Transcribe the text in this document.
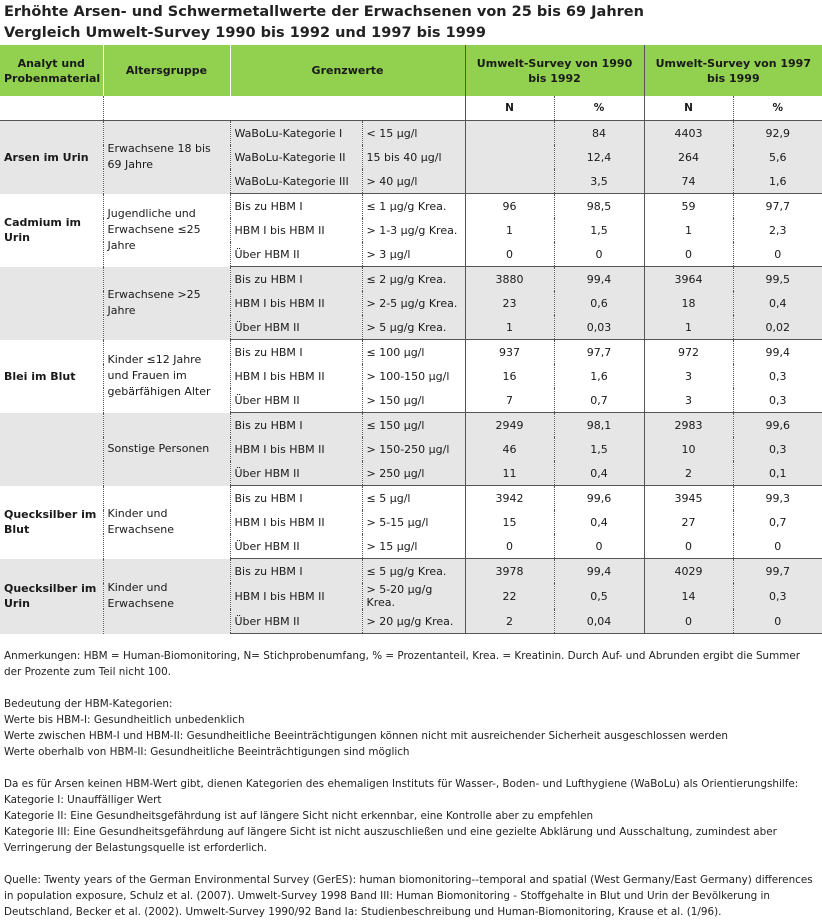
Erhöhte Arsen- und Schwermetallwerte der Erwachsenen von 25 bis 69 Jahren
Vergleich Umwelt-Survey 1990 bis 1992 und 1997 bis 1999
Analyt und Probenmaterial	Altersgruppe	Grenzwerte		Umwelt-Survey von 1990 bis 1992		Umwelt-Survey von 1997 bis 1999	
				N	%	N	%
Arsen im Urin	Erwachsene 18 bis 69 Jahre	WaBoLu-Kategorie I	< 15 µg/l		84	4403	92,9
		WaBoLu-Kategorie II	15 bis 40 µg/l		12,4	264	5,6
		WaBoLu-Kategorie III	> 40 µg/l		3,5	74	1,6
Cadmium im Urin	Jugendliche und Erwachsene ≤25 Jahre	Bis zu HBM I	≤ 1 µg/g Krea.	96	98,5	59	97,7
		HBM I bis HBM II	> 1-3 µg/g Krea.	1	1,5	1	2,3
		Über HBM II	> 3 µg/l	0	0	0	0
	Erwachsene >25 Jahre	Bis zu HBM I	≤ 2 µg/g Krea.	3880	99,4	3964	99,5
		HBM I bis HBM II	> 2-5 µg/g Krea.	23	0,6	18	0,4
		Über HBM II	> 5 µg/g Krea.	1	0,03	1	0,02
Blei im Blut	Kinder ≤12 Jahre und Frauen im gebärfähigen Alter	Bis zu HBM I	≤ 100 µg/l	937	97,7	972	99,4
		HBM I bis HBM II	> 100-150 µg/l	16	1,6	3	0,3
		Über HBM II	> 150 µg/l	7	0,7	3	0,3
	Sonstige Personen	Bis zu HBM I	≤ 150 µg/l	2949	98,1	2983	99,6
		HBM I bis HBM II	> 150-250 µg/l	46	1,5	10	0,3
		Über HBM II	> 250 µg/l	11	0,4	2	0,1
Quecksilber im Blut	Kinder und Erwachsene	Bis zu HBM I	≤ 5 µg/l	3942	99,6	3945	99,3
		HBM I bis HBM II	> 5-15 µg/l	15	0,4	27	0,7
		Über HBM II	> 15 µg/l	0	0	0	0
Quecksilber im Urin	Kinder und Erwachsene	Bis zu HBM I	≤ 5 µg/g Krea.	3978	99,4	4029	99,7
		HBM I bis HBM II	> 5-20 µg/g Krea.	22	0,5	14	0,3
		Über HBM II	> 20 µg/g Krea.	2	0,04	0	0

Anmerkungen: HBM = Human-Biomonitoring, N= Stichprobenumfang, % = Prozentanteil, Krea. = Kreatinin. Durch Auf- und Abrunden ergibt die Summer der Prozente zum Teil nicht 100.

Bedeutung der HBM-Kategorien:

Werte bis HBM-I: Gesundheitlich unbedenklich

Werte zwischen HBM-I und HBM-II: Gesundheitliche Beeinträchtigungen können nicht mit ausreichender Sicherheit ausgeschlossen werden

Werte oberhalb von HBM-II: Gesundheitliche Beeinträchtigungen sind möglich

Da es für Arsen keinen HBM-Wert gibt, dienen Kategorien des ehemaligen Instituts für Wasser-, Boden- und Lufthygiene (WaBoLu) als Orientierungshilfe:

Kategorie I: Unauffälliger Wert

Kategorie II: Eine Gesundheitsgefährdung ist auf längere Sicht nicht erkennbar, eine Kontrolle aber zu empfehlen

Kategorie III: Eine Gesundheitsgefährdung auf längere Sicht ist nicht auszuschließen und eine gezielte Abklärung und Ausschaltung, zumindest aber Verringerung der Belastungsquelle ist erforderlich.

Quelle: Twenty years of the German Environmental Survey (GerES): human biomonitoring--temporal and spatial (West Germany/East Germany) differences in population exposure, Schulz et al. (2007). Umwelt-Survey 1998 Band III: Human Biomonitoring - Stoffgehalte in Blut und Urin der Bevölkerung in Deutschland, Becker et al. (2002). Umwelt-Survey 1990/92 Band Ia: Studienbeschreibung und Human-Biomonitoring, Krause et al. (1/96).
